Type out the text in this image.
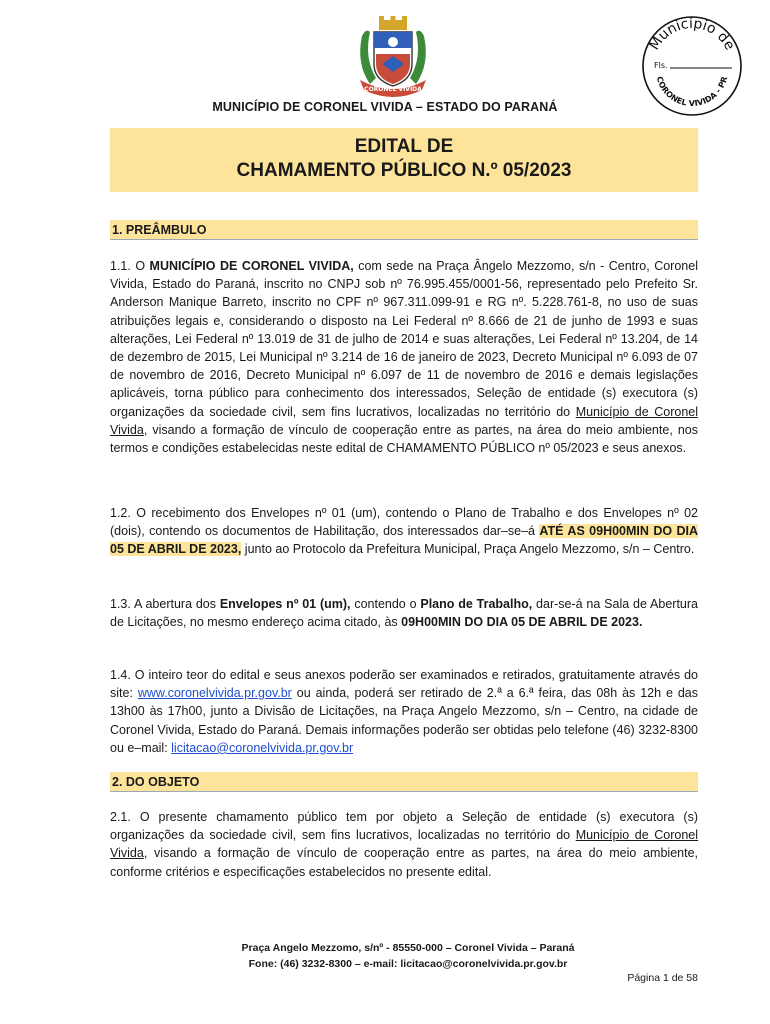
CORONEL VIVIDA
Município de
Fls.
CORONEL VIVIDA - PR
MUNICÍPIO DE CORONEL VIVIDA – ESTADO DO PARANÁ
EDITAL DE
CHAMAMENTO PÚBLICO N.º 05/2023
1. PREÂMBULO
1.1. O MUNICÍPIO DE CORONEL VIVIDA, com sede na Praça Ângelo Mezzomo, s/n - Centro, Coronel Vivida, Estado do Paraná, inscrito no CNPJ sob nº 76.995.455/0001-56, representado pelo Prefeito Sr. Anderson Manique Barreto, inscrito no CPF nº 967.311.099-91 e RG nº. 5.228.761-8, no uso de suas atribuições legais e, considerando o disposto na Lei Federal nº 8.666 de 21 de junho de 1993 e suas alterações, Lei Federal nº 13.019 de 31 de julho de 2014 e suas alterações, Lei Federal nº 13.204, de 14 de dezembro de 2015, Lei Municipal nº 3.214 de 16 de janeiro de 2023, Decreto Municipal nº 6.093 de 07 de novembro de 2016, Decreto Municipal nº 6.097 de 11 de novembro de 2016 e demais legislações aplicáveis, torna público para conhecimento dos interessados, Seleção de entidade (s) executora (s) organizações da sociedade civil, sem fins lucrativos, localizadas no território do Município de Coronel Vivida, visando a formação de vínculo de cooperação entre as partes, na área do meio ambiente, nos termos e condições estabelecidas neste edital de CHAMAMENTO PÚBLICO nº 05/2023 e seus anexos.
1.2. O recebimento dos Envelopes nº 01 (um), contendo o Plano de Trabalho e dos Envelopes nº 02 (dois), contendo os documentos de Habilitação, dos interessados dar–se–á ATÉ AS 09H00MIN DO DIA 05 DE ABRIL DE 2023, junto ao Protocolo da Prefeitura Municipal, Praça Angelo Mezzomo, s/n – Centro.
1.3. A abertura dos Envelopes nº 01 (um), contendo o Plano de Trabalho, dar-se-á na Sala de Abertura de Licitações, no mesmo endereço acima citado, às 09H00MIN DO DIA 05 DE ABRIL DE 2023.
1.4. O inteiro teor do edital e seus anexos poderão ser examinados e retirados, gratuitamente através do site: www.coronelvivida.pr.gov.br ou ainda, poderá ser retirado de 2.ª a 6.ª feira, das 08h às 12h e das 13h00 às 17h00, junto a Divisão de Licitações, na Praça Angelo Mezzomo, s/n – Centro, na cidade de Coronel Vivida, Estado do Paraná. Demais informações poderão ser obtidas pelo telefone (46) 3232-8300 ou e–mail: licitacao@coronelvivida.pr.gov.br
2. DO OBJETO
2.1. O presente chamamento público tem por objeto a Seleção de entidade (s) executora (s) organizações da sociedade civil, sem fins lucrativos, localizadas no território do Município de Coronel Vivida, visando a formação de vínculo de cooperação entre as partes, na área do meio ambiente, conforme critérios e especificações estabelecidos no presente edital.
Praça Angelo Mezzomo, s/nº - 85550-000 – Coronel Vivida – Paraná
Fone: (46) 3232-8300 – e-mail: licitacao@coronelvivida.pr.gov.br
Página 1 de 58
